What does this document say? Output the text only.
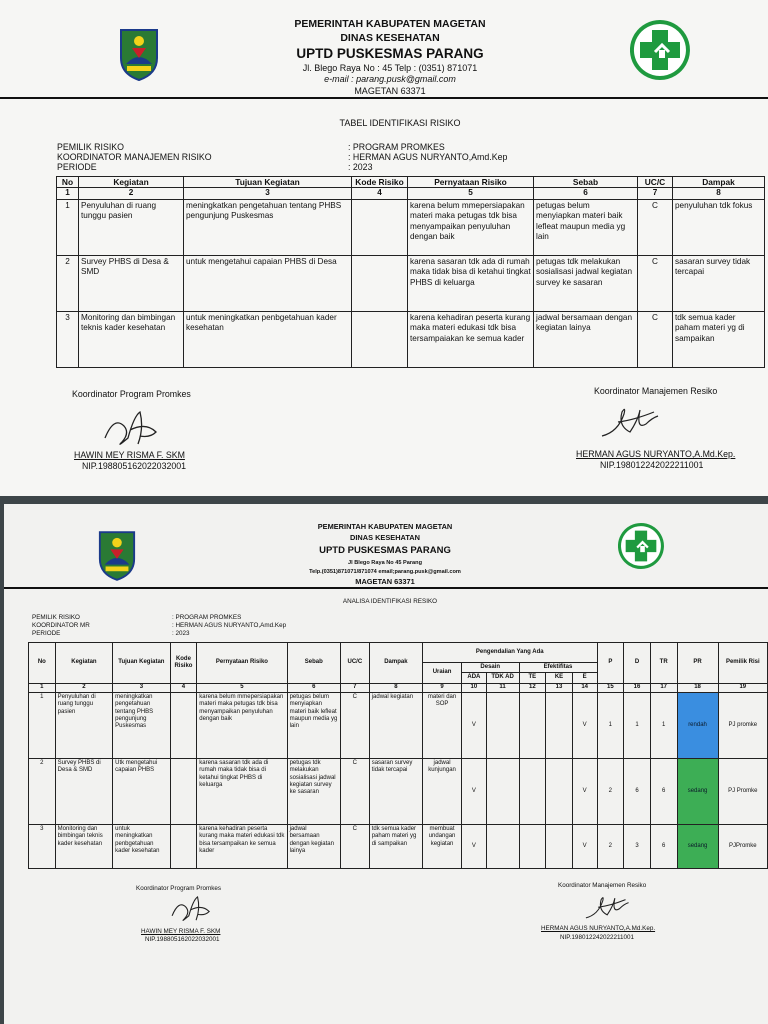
PEMERINTAH KABUPATEN MAGETAN
DINAS KESEHATAN
UPTD PUSKESMAS PARANG
Jl. Blego Raya No : 45 Telp : (0351) 871071
e-mail : parang.pusk@gmail.com
MAGETAN 63371
TABEL IDENTIFIKASI RISIKO
PEMILIK RISIKO
KOORDINATOR MANAJEMEN RISIKO
PERIODE
: PROGRAM PROMKES
: HERMAN AGUS NURYANTO,Amd.Kep
: 2023
No	Kegiatan	Tujuan Kegiatan	Kode Risiko	Pernyataan Risiko	Sebab	UC/C	Dampak
1	2	3	4	5	6	7	8
1	Penyuluhan di ruang tunggu pasien	meningkatkan pengetahuan tentang PHBS pengunjung Puskesmas		karena belum mmepersiapakan materi maka petugas tdk bisa menyampaikan penyuluhan dengan baik	petugas belum menyiapkan materi baik lefleat maupun media yg lain	C	penyuluhan tdk fokus
2	Survey PHBS di Desa & SMD	untuk mengetahui capaian PHBS di Desa		karena sasaran tdk ada di rumah maka tidak bisa di ketahui tingkat PHBS di keluarga	petugas tdk melakukan sosialisasi jadwal kegiatan survey ke sasaran	C	sasaran survey tidak tercapai
3	Monitoring dan bimbingan teknis kader kesehatan	untuk meningkatkan penbgetahuan kader kesehatan		karena kehadiran peserta kurang maka materi edukasi tdk bisa tersampaiakan ke semua kader	jadwal bersamaan dengan kegiatan lainya	C	tdk semua kader paham materi yg di sampaikan
Koordinator Program Promkes
HAWIN MEY RISMA F. SKM
NIP.198805162022032001
Koordinator Manajemen Resiko
HERMAN AGUS NURYANTO,A.Md.Kep.
NIP.198012242022211001
PEMERINTAH KABUPATEN MAGETAN
DINAS KESEHATAN
UPTD PUSKESMAS PARANG
Jl Blego Raya No 45 Parang
Telp.(0351)871071/871074 email;parang.pusk@gmail.com
MAGETAN 63371
ANALISA IDENTIFIKASI RESIKO
PEMILIK RISIKO
KOORDINATOR MR
PERIODE
: PROGRAM PROMKES
: HERMAN AGUS NURYANTO,Amd.Kep
: 2023
No	Kegiatan	Tujuan Kegiatan	Kode Risiko	Pernyataan Risiko	Sebab	UC/C	Dampak	Pengendalian Yang Ada						P	D	TR	PR	Pemilik Risi
								Uraian	Desain		Efektifitas							
									ADA	TDK AD	TE	KE	E					
1	2	3	4	5	6	7	8	9	10	11	12	13	14	15	16	17	18	19
1	Penyuluhan di ruang tunggu pasien	meningkatkan pengetahuan tentang PHBS pengunjung Puskesmas		karena belum mmepersiapakan materi maka petugas tdk bisa menyampaikan penyuluhan dengan baik	petugas belum menyiapkan materi baik lefleat maupun media yg lain	C	jadwal kegiatan	materi dan SOP	V				V	1	1	1	rendah	PJ promke
2	Survey PHBS di Desa & SMD	Utk mengetahui capaian PHBS		karena sasaran tdk ada di rumah maka tidak bisa di ketahui tingkat PHBS di keluarga	petugas tdk melakukan sosialisasi jadwal kegiatan survey ke sasaran	C	sasaran survey tidak tercapai	jadwal kunjungan	V				V	2	6	6	sedang	PJ Promke
3	Monitoring dan bimbingan teknis kader kesehatan	untuk meningkatkan penbgetahuan kader kesehatan		karena kehadiran peserta kurang maka materi edukasi tdk bisa tersampaikan ke semua kader	jadwal bersamaan dengan kegiatan lainya	C	tdk semua kader paham materi yg di sampaikan	membuat undangan kegiatan	V				V	2	3	6	sedang	PJPromke
Koordinator Program Promkes
HAWIN MEY RISMA F. SKM
NIP.198805162022032001
Koordinator Manajemen Resiko
HERMAN AGUS NURYANTO,A.Md.Kep.
NIP.198012242022211001
